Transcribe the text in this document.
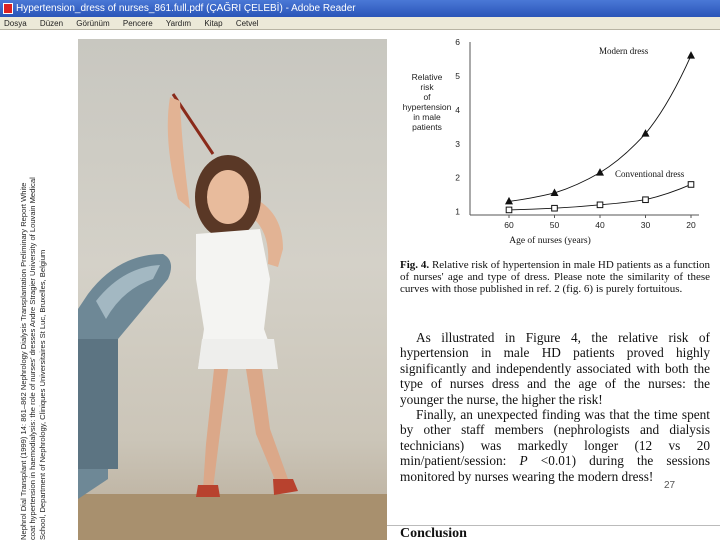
Hypertension_dress of nurses_861.full.pdf (ÇAĞRI ÇELEBİ) - Adobe Reader
Dosya Düzen Görünüm Pencere Yardım Kitap Cetvel
Nephrol Dial Transplant (1999) 14: 861–862 Nephrology Dialysis Transplantation Preliminary Report White coat hypertension in haemodialysis: the role of nurses' dresses Andre Stragier University of Louvain Medical School, Department of Nephrology, Cliniques Universitaires St Luc, Bruxelles, Belgium
6
5
4
3
2
1
Relative
risk
of
hypertension
in male
patients
60	50	40	30	20
Modern dress
Conventional dress
Age of nurses (years)
Fig. 4. Relative risk of hypertension in male HD patients as a function of nurses' age and type of dress. Please note the similarity of these curves with those published in ref. 2 (fig. 6) is purely fortuitous.

As illustrated in Figure 4, the relative risk of hypertension in male HD patients proved highly significantly and independently associated with both the type of nurses dress and the age of the nurses: the younger the nurse, the higher the risk!

Finally, an unexpected finding was that the time spent by other staff members (nephrologists and dialysis technicians) was markedly longer (12 vs 20 min/patient/session: P <0.01) during the sessions monitored by nurses wearing the modern dress!

27
Conclusion
